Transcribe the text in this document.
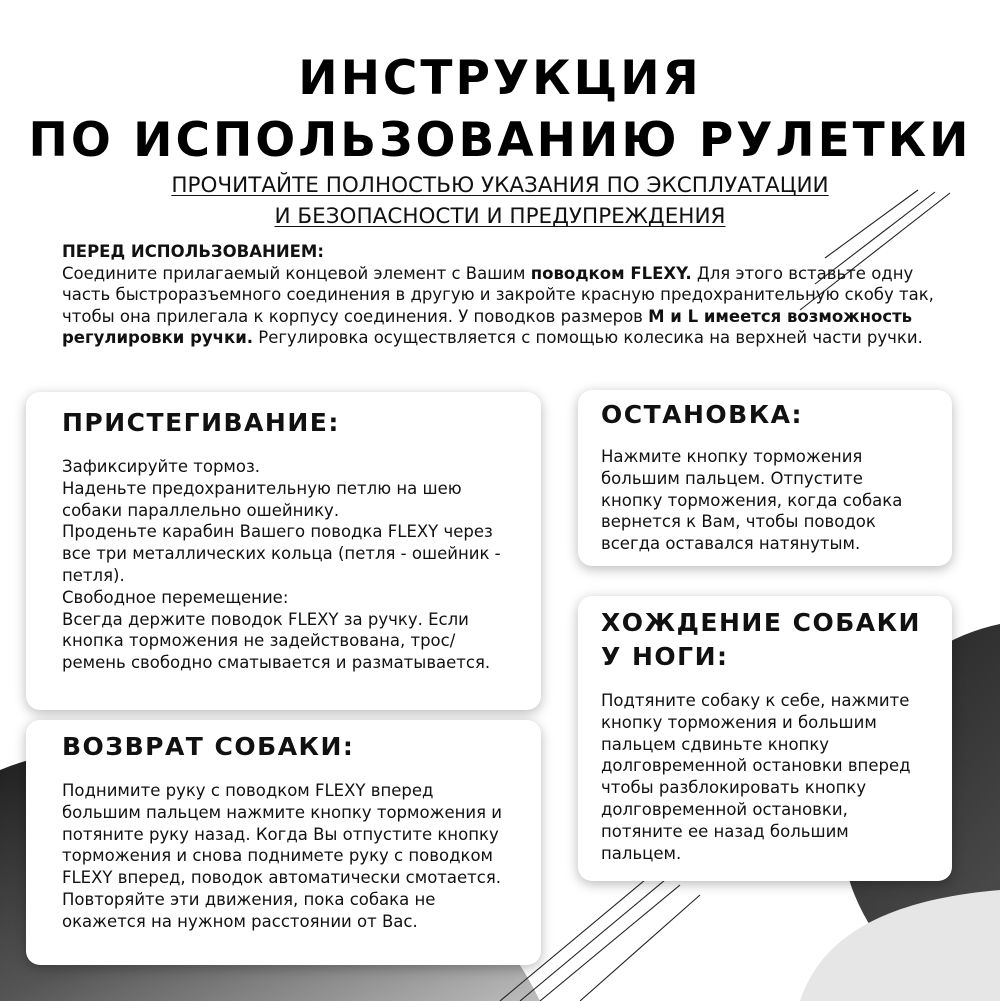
ИНСТРУКЦИЯ
ПО ИСПОЛЬЗОВАНИЮ РУЛЕТКИ
ПРОЧИТАЙТЕ ПОЛНОСТЬЮ УКАЗАНИЯ ПО ЭКСПЛУАТАЦИИ
И БЕЗОПАСНОСТИ И ПРЕДУПРЕЖДЕНИЯ
ПЕРЕД ИСПОЛЬЗОВАНИЕМ:
Соедините прилагаемый концевой элемент с Вашим поводком FLEXY. Для этого вставьте одну часть быстроразъемного соединения в другую и закройте красную предохранительную скобу так, чтобы она прилегала к корпусу соединения. У поводков размеров M и L имеется возможность регулировки ручки. Регулировка осуществляется с помощью колесика на верхней части ручки.
ПРИСТЕГИВАНИЕ:

Зафиксируйте тормоз.
Наденьте предохранительную петлю на шею собаки параллельно ошейнику.
Проденьте карабин Вашего поводка FLEXY через все три металлических кольца (петля - ошейник - петля).
Свободное перемещение:
Всегда держите поводок FLEXY за ручку. Если кнопка торможения не задействована, трос/ ремень свободно сматывается и разматывается.

ВОЗВРАТ СОБАКИ:

Поднимите руку с поводком FLEXY вперед большим пальцем нажмите кнопку торможения и потяните руку назад. Когда Вы отпустите кнопку торможения и снова поднимете руку с поводком FLEXY вперед, поводок автоматически смотается.
Повторяйте эти движения, пока собака не окажется на нужном расстоянии от Вас.

ОСТАНОВКА:

Нажмите кнопку торможения большим пальцем. Отпустите кнопку торможения, когда собака вернется к Вам, чтобы поводок всегда оставался натянутым.

ХОЖДЕНИЕ СОБАКИ
У НОГИ:

Подтяните собаку к себе, нажмите кнопку торможения и большим пальцем сдвиньте кнопку долговременной остановки вперед чтобы разблокировать кнопку долговременной остановки, потяните ее назад большим пальцем.
